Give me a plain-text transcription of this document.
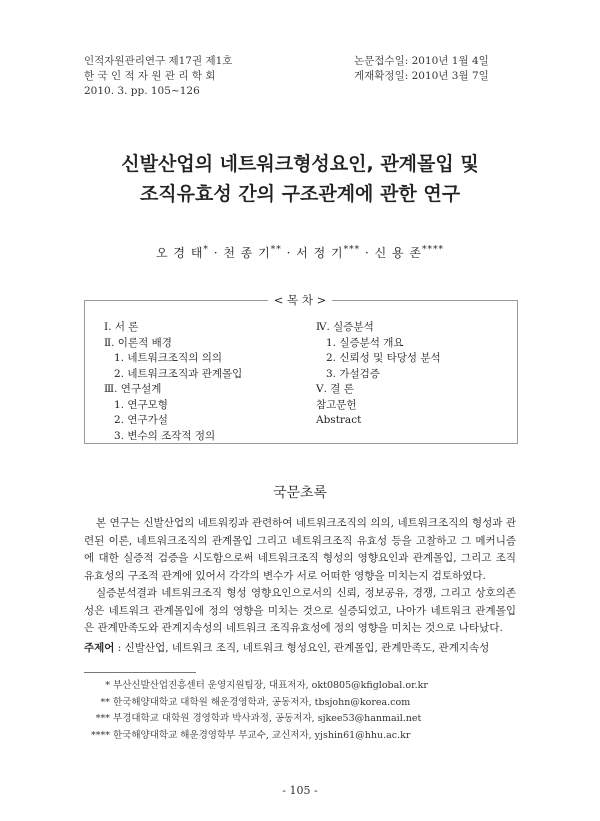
인적자원관리연구 제17권 제1호
한 국 인 적 자 원 관 리 학 회
2010. 3. pp. 105~126
논문접수일: 2010년 1월 4일
게재확정일: 2010년 3월 7일
신발산업의 네트워크형성요인, 관계몰입 및
조직유효성 간의 구조관계에 관한 연구
오 경 태* · 천 종 기** · 서 정 기*** · 신 용 존****
< 목 차 >
Ⅰ. 서 론
Ⅱ. 이론적 배경
1. 네트워크조직의 의의
2. 네트워크조직과 관계몰입
Ⅲ. 연구설계
1. 연구모형
2. 연구가설
3. 변수의 조작적 정의
Ⅳ. 실증분석
1. 실증분석 개요
2. 신뢰성 및 타당성 분석
3. 가설검증
Ⅴ. 결 론
참고문헌
Abstract
국문초록

본 연구는 신발산업의 네트워킹과 관련하여 네트워크조직의 의의, 네트워크조직의 형성과 관련된 이론, 네트워크조직의 관계몰입 그리고 네트워크조직 유효성 등을 고찰하고 그 메커니즘에 대한 실증적 검증을 시도함으로써 네트워크조직 형성의 영향요인과 관계몰입, 그리고 조직유효성의 구조적 관계에 있어서 각각의 변수가 서로 어떠한 영향을 미치는지 검토하였다.

실증분석결과 네트워크조직 형성 영향요인으로서의 신뢰, 정보공유, 경쟁, 그리고 상호의존성은 네트워크 관계몰입에 정의 영향을 미치는 것으로 실증되었고, 나아가 네트워크 관계몰입은 관계만족도와 관계지속성의 네트워크 조직유효성에 정의 영향을 미치는 것으로 나타났다.

주제어 : 신발산업, 네트워크 조직, 네트워크 형성요인, 관계몰입, 관계만족도, 관계지속성
* 부산신발산업진흥센터 운영지원팀장, 대표저자, okt0805@kfiglobal.or.kr
** 한국해양대학교 대학원 해운경영학과, 공동저자, tbsjohn@korea.com
*** 부경대학교 대학원 경영학과 박사과정, 공동저자, sjkee53@hanmail.net
**** 한국해양대학교 해운경영학부 부교수, 교신저자, yjshin61@hhu.ac.kr
- 105 -
